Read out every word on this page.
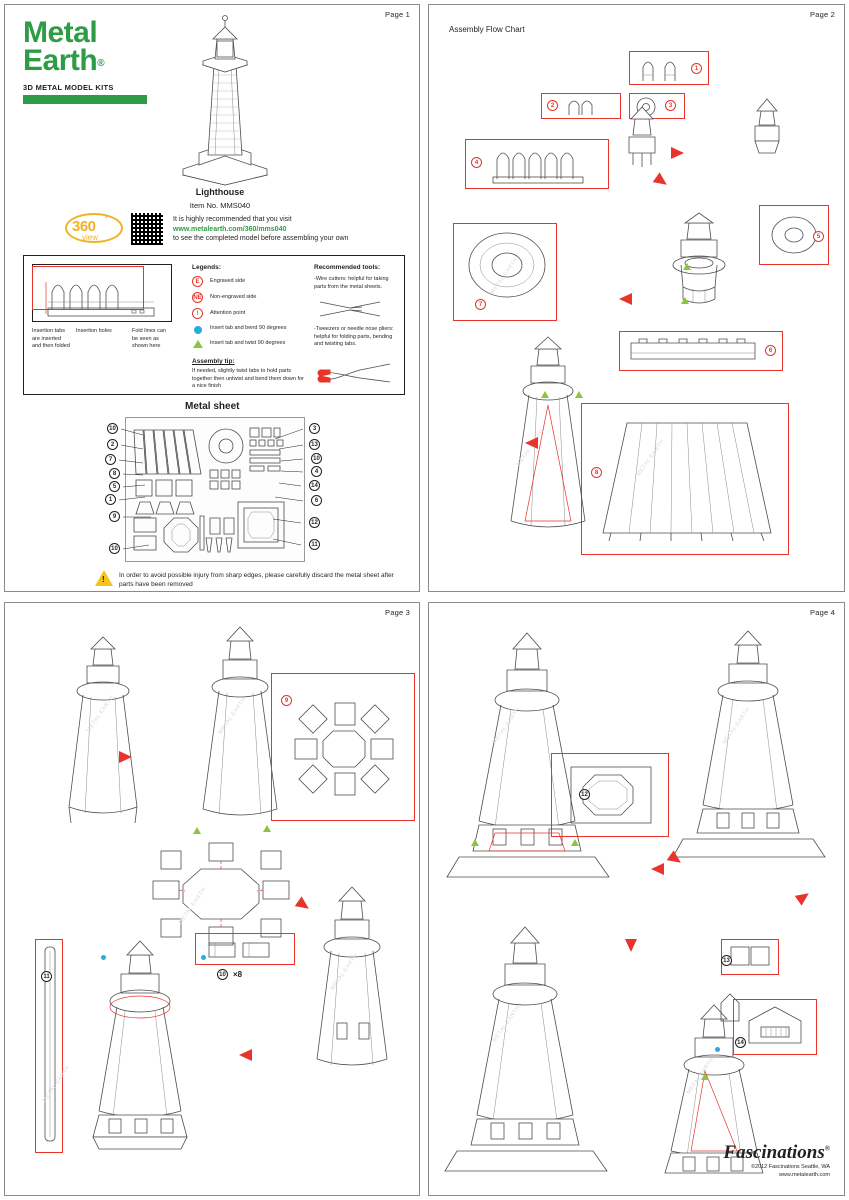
Page 1
Metal
Earth®
3D METAL MODEL KITS
Lighthouse
Item No. MMS040
360 °
view
It is highly recommended that you visit
www.metalearth.com/360/mms040
to see the completed model before assembling your own
Insertion tabs are inserted and then folded
Insertion holes	Fold lines can be seen as shown here
Legends:
E	Engraved side
NE Non-engraved side
!	Attention point
Insert tab and bend 90 degrees
Insert tab and twist 90 degrees
Assembly tip:
If needed, slightly twist tabs to hold parts together then untwist and bend them down for a nice finish
Recommended tools:
-Wire cutters: helpful for taking parts from the metal sheets.
-Tweezers or needle nose pliers: helpful for folding parts, bending and twisting tabs.
Metal sheet
10
2
7
8
5
1
9
10
3
13
10
4
14
6
12
11
! In order to avoid possible injury from sharp edges, please carefully discard the metal sheet after parts have been removed
Page 2
Assembly Flow Chart
1
2	3
4
5
7
METAL EARTH
6
8	METAL EARTH
METAL EARTH
Page 3
METAL EARTH	METAL EARTH	9
METAL EARTH
10 ×8
11
METAL EARTH
METAL EARTH
Page 4
METAL EARTH
12
METAL EARTH
METAL EARTH
METAL EARTH
13
14
Fascinations®
©2012 Fascinations Seattle, WA
www.metalearth.com
